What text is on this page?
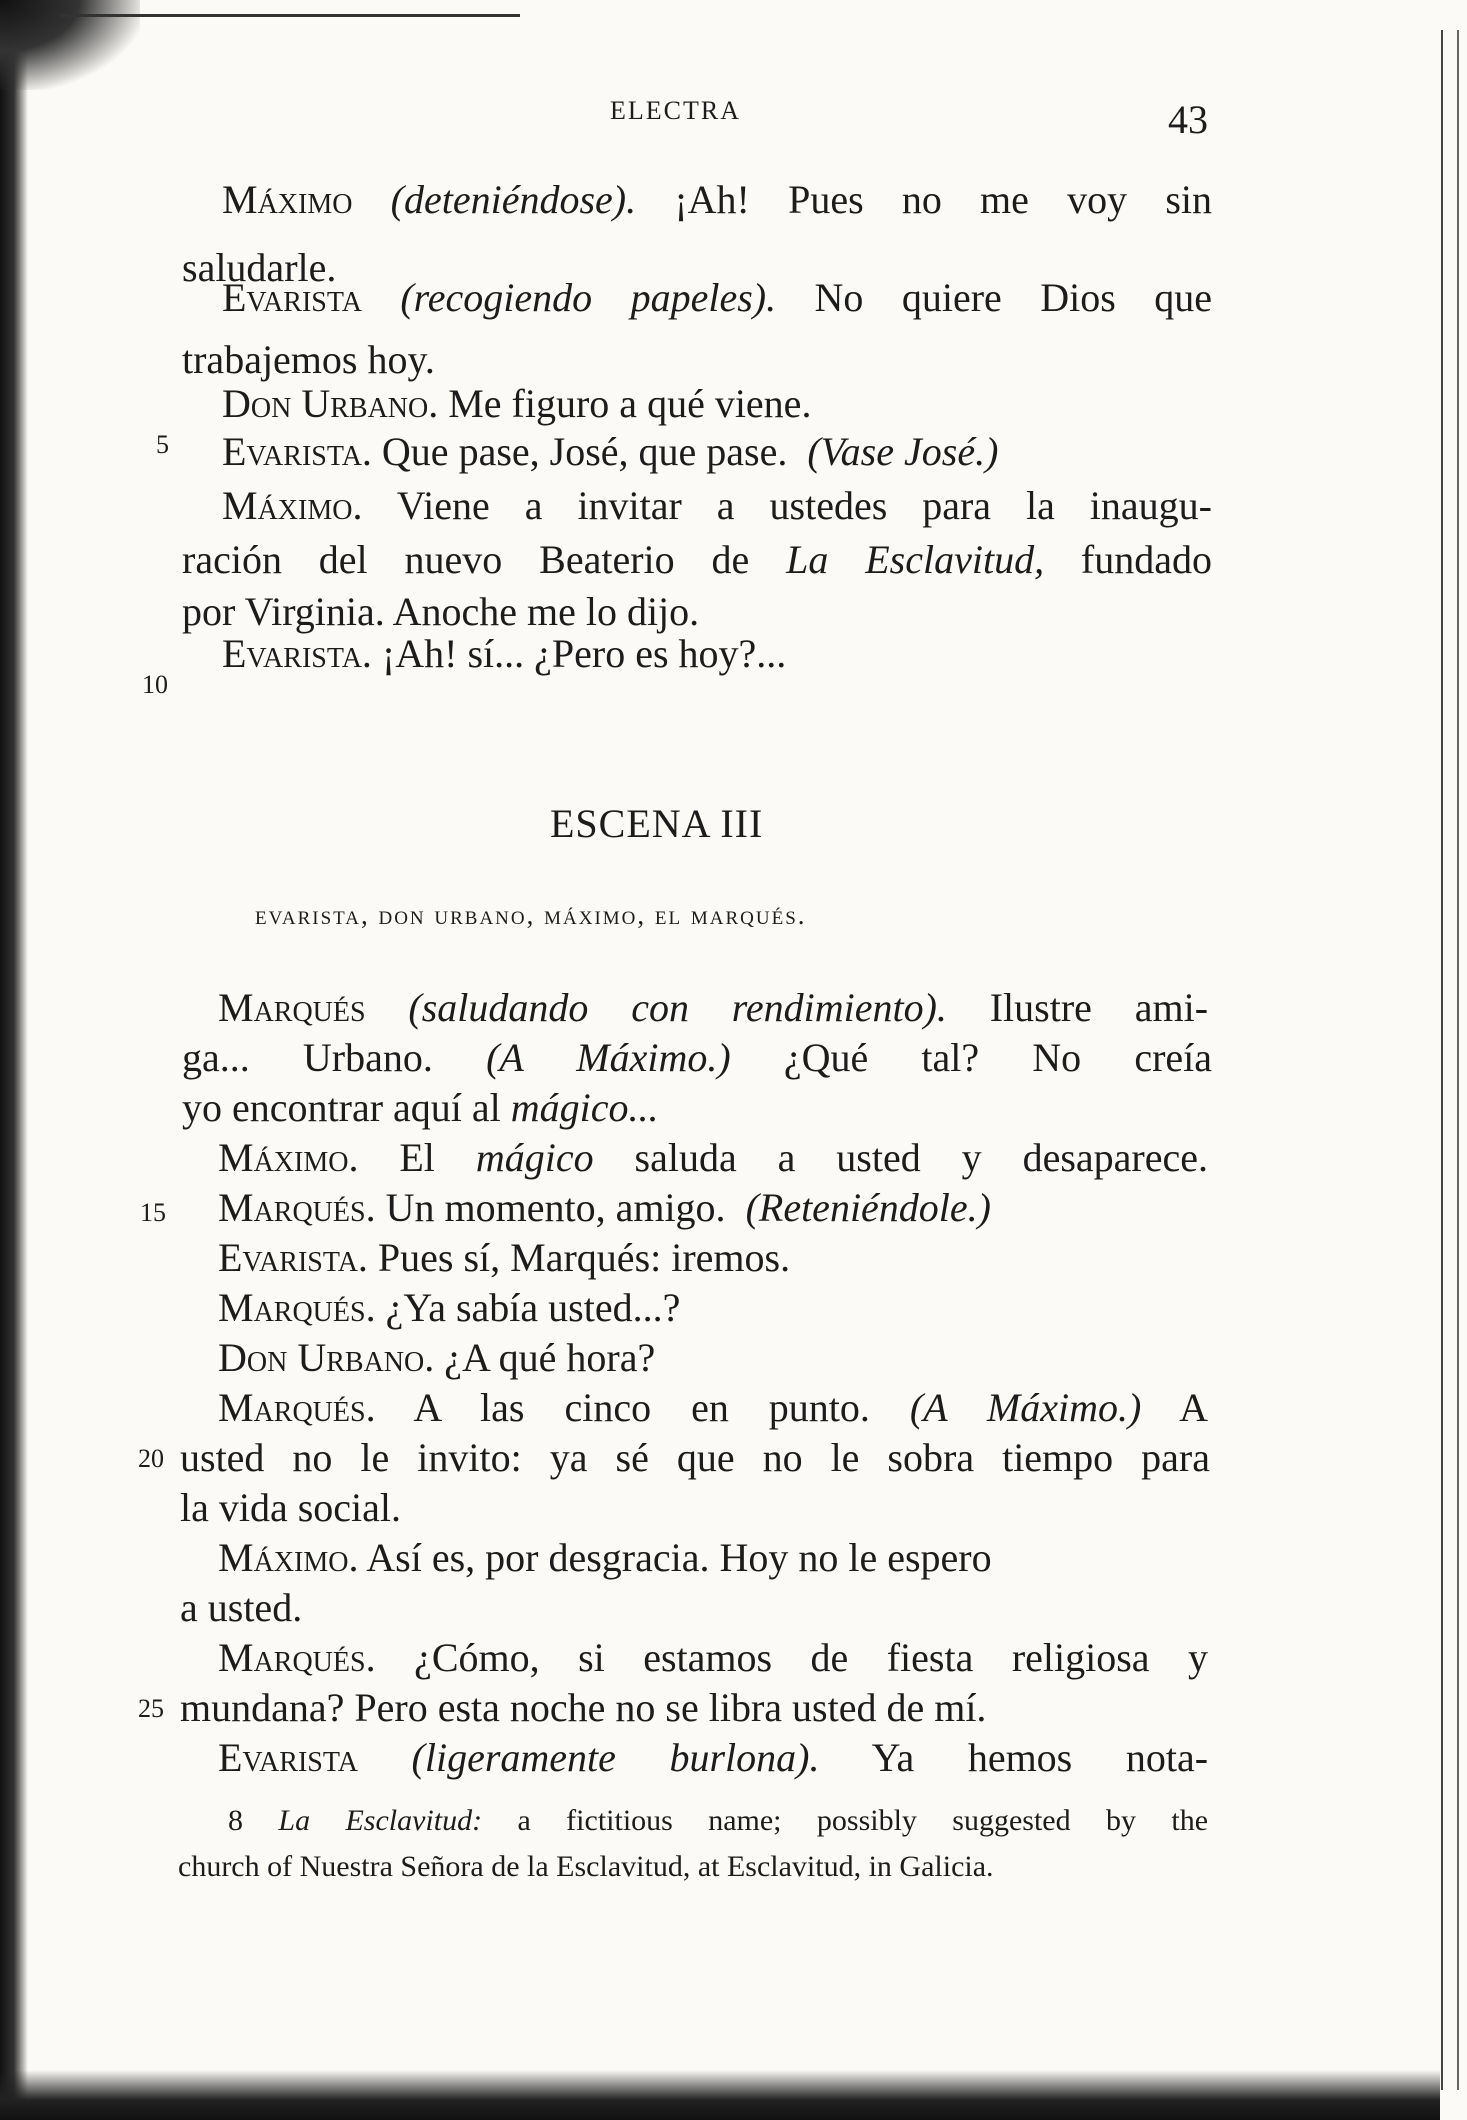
ELECTRA	43
Máximo (deteniéndose). ¡Ah! Pues no me voy sin
saludarle.
Evarista (recogiendo papeles). No quiere Dios que
trabajemos hoy.
Don Urbano. Me figuro a qué viene.
5 Evarista. Que pase, José, que pase. (Vase José.)
Máximo. Viene a invitar a ustedes para la inaugu-
ración del nuevo Beaterio de La Esclavitud, fundado
por Virginia. Anoche me lo dijo.
10
Evarista. ¡Ah! sí... ¿Pero es hoy?...
ESCENA III
evarista, don urbano, máximo, el marqués.
Marqués (saludando con rendimiento). Ilustre ami-
ga... Urbano. (A Máximo.) ¿Qué tal? No creía
yo encontrar aquí al mágico...
Máximo. El mágico saluda a usted y desaparece.
15 Marqués. Un momento, amigo. (Reteniéndole.)
Evarista. Pues sí, Marqués: iremos.
Marqués. ¿Ya sabía usted...?
Don Urbano. ¿A qué hora?
Marqués. A las cinco en punto. (A Máximo.) A
20 usted no le invito: ya sé que no le sobra tiempo para
la vida social.
Máximo. Así es, por desgracia. Hoy no le espero
a usted.
Marqués. ¿Cómo, si estamos de fiesta religiosa y
25 mundana? Pero esta noche no se libra usted de mí.
Evarista (ligeramente burlona). Ya hemos nota-
8 La Esclavitud: a fictitious name; possibly suggested by the
church of Nuestra Señora de la Esclavitud, at Esclavitud, in Galicia.
